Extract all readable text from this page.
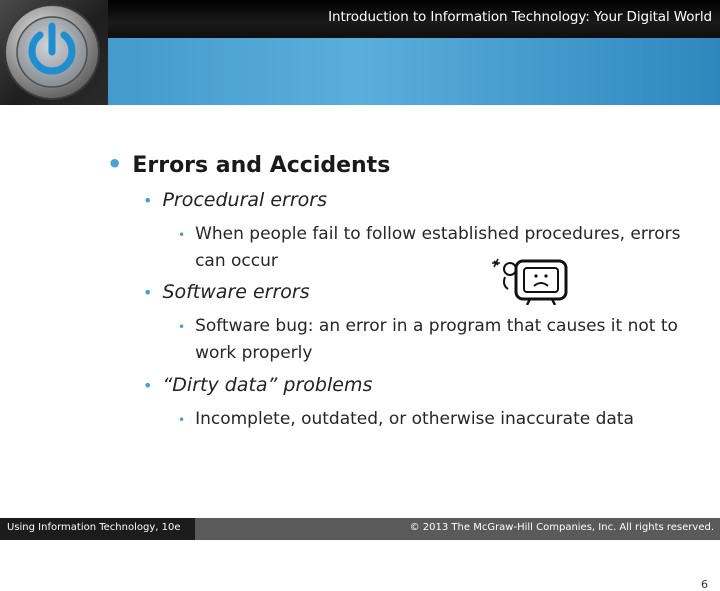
Introduction to Information Technology: Your Digital World
• Errors and Accidents
• Procedural errors
• When people fail to follow established procedures, errors can occur
• Software errors
• Software bug: an error in a program that causes it not to work properly
• “Dirty data” problems
• Incomplete, outdated, or otherwise inaccurate data
6
Using Information Technology, 10e	© 2013 The McGraw-Hill Companies, Inc. All rights reserved.
